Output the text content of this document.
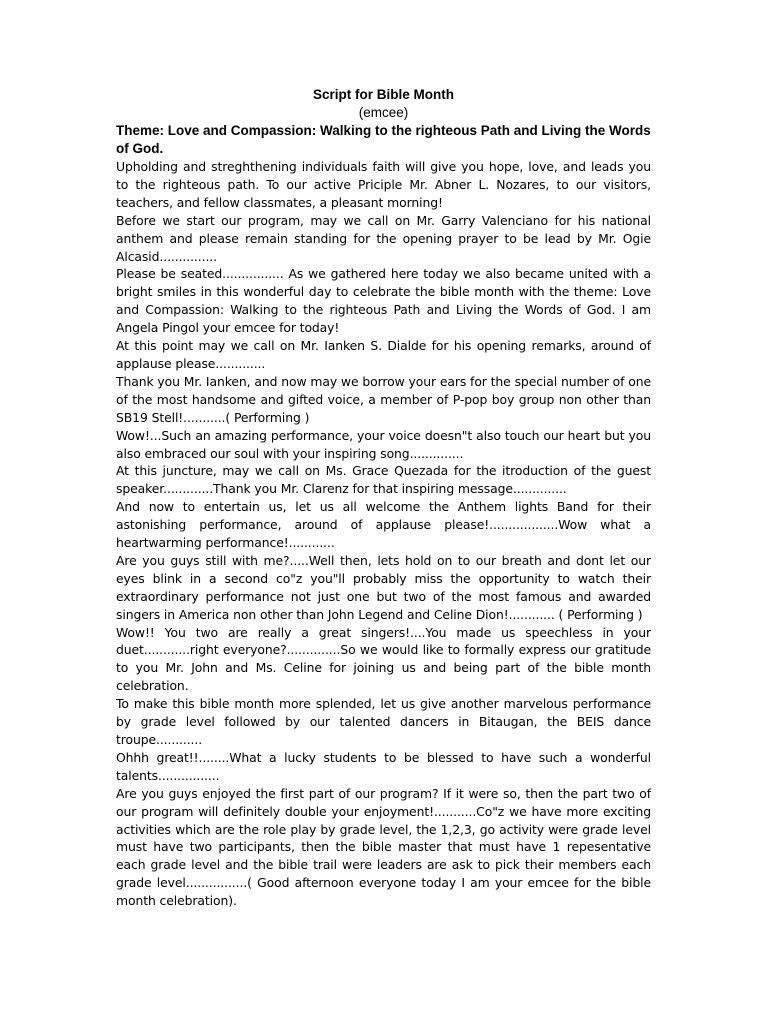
Script for Bible Month

(emcee)

Theme: Love and Compassion: Walking to the righteous Path and Living the Words of God.

Upholding and streghthening individuals faith will give you hope, love, and leads you to the righteous path. To our active Priciple Mr. Abner L. Nozares, to our visitors, teachers, and fellow classmates, a pleasant morning!

Before we start our program, may we call on Mr. Garry Valenciano for his national anthem and please remain standing for the opening prayer to be lead by Mr. Ogie Alcasid...............

Please be seated................ As we gathered here today we also became united with a bright smiles in this wonderful day to celebrate the bible month with the theme: Love and Compassion: Walking to the righteous Path and Living the Words of God. I am Angela Pingol your emcee for today!

At this point may we call on Mr. Ianken S. Dialde for his opening remarks, around of applause please.............

Thank you Mr. Ianken, and now may we borrow your ears for the special number of one of the most handsome and gifted voice, a member of P-pop boy group non other than SB19 Stell!...........( Performing )

Wow!...Such an amazing performance, your voice doesn"t also touch our heart but you also embraced our soul with your inspiring song..............

At this juncture, may we call on Ms. Grace Quezada for the itroduction of the guest speaker.............Thank you Mr. Clarenz for that inspiring message..............

And now to entertain us, let us all welcome the Anthem lights Band for their astonishing performance, around of applause please!..................Wow what a heartwarming performance!............

Are you guys still with me?.....Well then, lets hold on to our breath and dont let our eyes blink in a second co"z you"ll probably miss the opportunity to watch their extraordinary performance not just one but two of the most famous and awarded singers in America non other than John Legend and Celine Dion!............ ( Performing )

Wow!! You two are really a great singers!....You made us speechless in your duet............right everyone?..............So we would like to formally express our gratitude to you Mr. John and Ms. Celine for joining us and being part of the bible month celebration.

To make this bible month more splended, let us give another marvelous performance by grade level followed by our talented dancers in Bitaugan, the BEIS dance troupe............

Ohhh great!!........What a lucky students to be blessed to have such a wonderful talents................

Are you guys enjoyed the first part of our program? If it were so, then the part two of our program will definitely double your enjoyment!...........Co"z we have more exciting activities which are the role play by grade level, the 1,2,3, go activity were grade level must have two participants, then the bible master that must have 1 repesentative each grade level and the bible trail were leaders are ask to pick their members each grade level................( Good afternoon everyone today I am your emcee for the bible month celebration).
